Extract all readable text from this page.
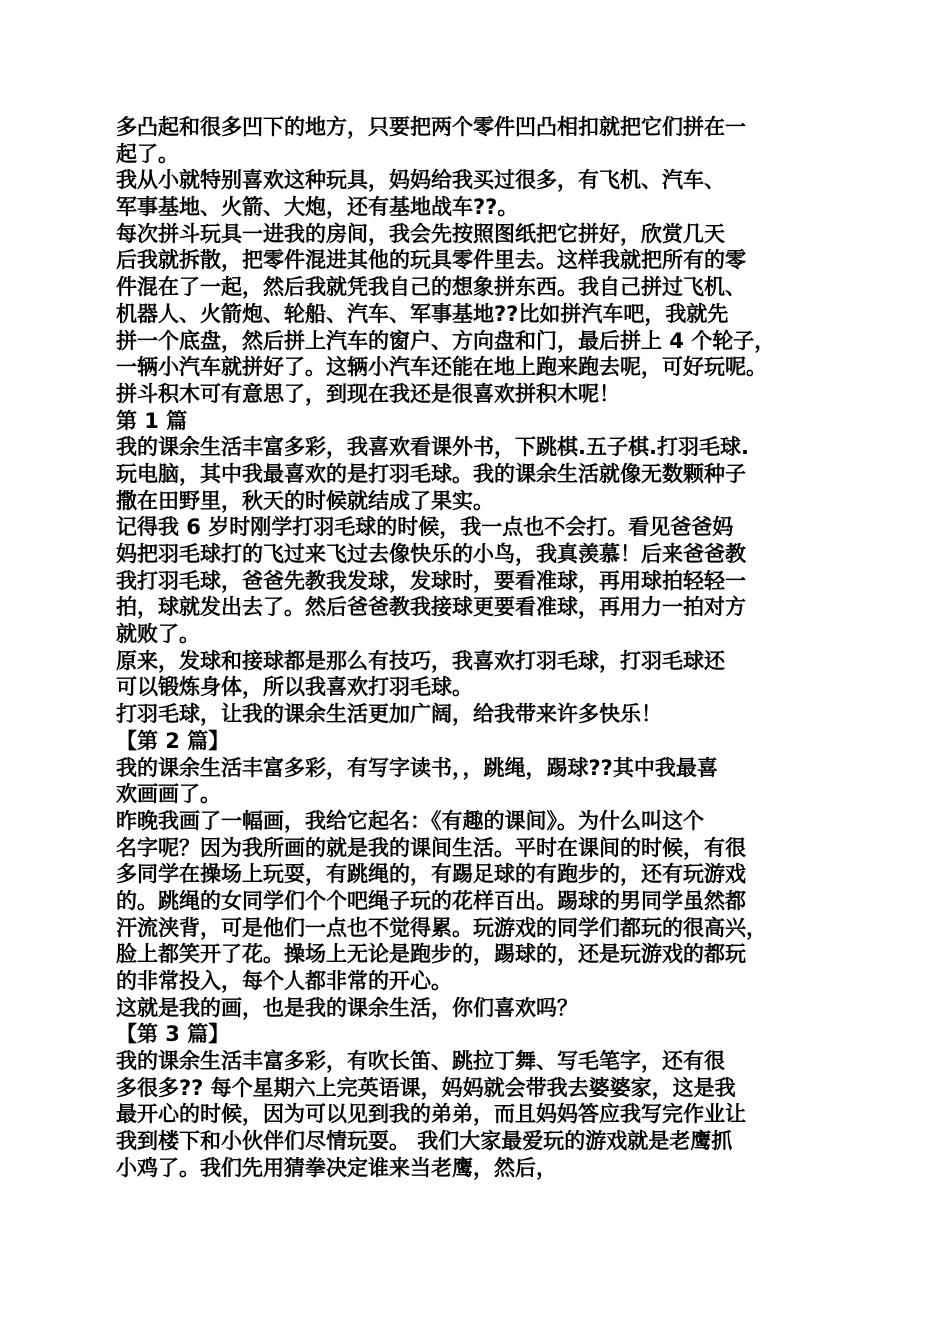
多凸起和很多凹下的地方，只要把两个零件凹凸相扣就把它们拼在一
起了。
我从小就特别喜欢这种玩具，妈妈给我买过很多，有飞机、汽车、
军事基地、火箭、大炮，还有基地战车??。
每次拼斗玩具一进我的房间，我会先按照图纸把它拼好，欣赏几天
后我就拆散，把零件混进其他的玩具零件里去。这样我就把所有的零
件混在了一起，然后我就凭我自己的想象拼东西。我自己拼过飞机、
机器人、火箭炮、轮船、汽车、军事基地??比如拼汽车吧，我就先
拼一个底盘，然后拼上汽车的窗户、方向盘和门，最后拼上 4 个轮子，
一辆小汽车就拼好了。这辆小汽车还能在地上跑来跑去呢，可好玩呢。
拼斗积木可有意思了，到现在我还是很喜欢拼积木呢！
第 1 篇
我的课余生活丰富多彩，我喜欢看课外书，下跳棋.五子棋.打羽毛球.
玩电脑，其中我最喜欢的是打羽毛球。我的课余生活就像无数颗种子
撒在田野里，秋天的时候就结成了果实。
记得我 6 岁时刚学打羽毛球的时候，我一点也不会打。看见爸爸妈
妈把羽毛球打的飞过来飞过去像快乐的小鸟，我真羡慕！后来爸爸教
我打羽毛球，爸爸先教我发球，发球时，要看准球，再用球拍轻轻一
拍，球就发出去了。然后爸爸教我接球更要看准球，再用力一拍对方
就败了。
原来，发球和接球都是那么有技巧，我喜欢打羽毛球，打羽毛球还
可以锻炼身体，所以我喜欢打羽毛球。
打羽毛球，让我的课余生活更加广阔，给我带来许多快乐！
【第 2 篇】
我的课余生活丰富多彩，有写字读书，，跳绳，踢球??其中我最喜
欢画画了。
昨晚我画了一幅画，我给它起名：《有趣的课间》。为什么叫这个
名字呢？因为我所画的就是我的课间生活。平时在课间的时候，有很
多同学在操场上玩耍，有跳绳的，有踢足球的有跑步的，还有玩游戏
的。跳绳的女同学们个个吧绳子玩的花样百出。踢球的男同学虽然都
汗流浃背，可是他们一点也不觉得累。玩游戏的同学们都玩的很高兴，
脸上都笑开了花。操场上无论是跑步的，踢球的，还是玩游戏的都玩
的非常投入，每个人都非常的开心。
这就是我的画，也是我的课余生活，你们喜欢吗？
【第 3 篇】
我的课余生活丰富多彩，有吹长笛、跳拉丁舞、写毛笔字，还有很
多很多?? 每个星期六上完英语课，妈妈就会带我去婆婆家，这是我
最开心的时候，因为可以见到我的弟弟，而且妈妈答应我写完作业让
我到楼下和小伙伴们尽情玩耍。 我们大家最爱玩的游戏就是老鹰抓
小鸡了。我们先用猜拳决定谁来当老鹰，然后，
